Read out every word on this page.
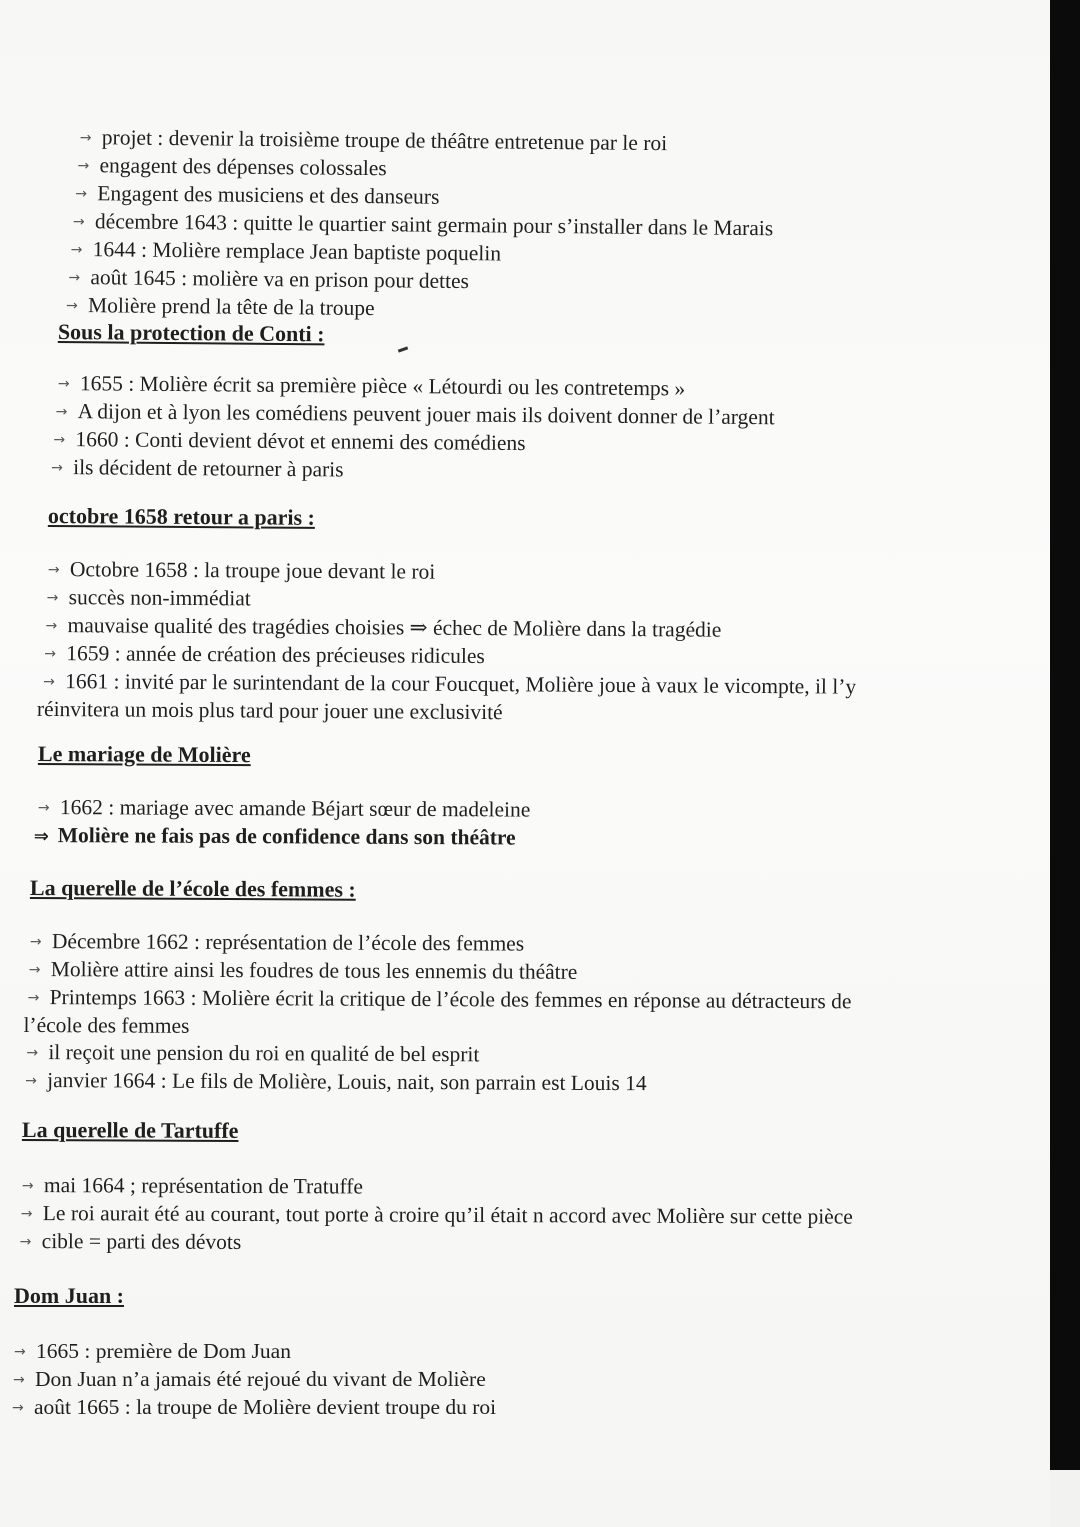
→ projet : devenir la troisième troupe de théâtre entretenue par le roi
→ engagent des dépenses colossales
→ Engagent des musiciens et des danseurs
→ décembre 1643 : quitte le quartier saint germain pour s’installer dans le Marais
→ 1644 : Molière remplace Jean baptiste poquelin
→ août 1645 : molière va en prison pour dettes
→ Molière prend la tête de la troupe
Sous la protection de Conti :
→ 1655 : Molière écrit sa première pièce « Létourdi ou les contretemps »
→ A dijon et à lyon les comédiens peuvent jouer mais ils doivent donner de l’argent
→ 1660 : Conti devient dévot et ennemi des comédiens
→ ils décident de retourner à paris
octobre 1658 retour a paris :
→ Octobre 1658 : la troupe joue devant le roi
→ succès non-immédiat
→ mauvaise qualité des tragédies choisies ⇒ échec de Molière dans la tragédie
→ 1659 : année de création des précieuses ridicules
→ 1661 : invité par le surintendant de la cour Foucquet, Molière joue à vaux le vicompte, il l’y
réinvitera un mois plus tard pour jouer une exclusivité
Le mariage de Molière
→ 1662 : mariage avec amande Béjart sœur de madeleine
⇒ Molière ne fais pas de confidence dans son théâtre
La querelle de l’école des femmes :
→ Décembre 1662 : représentation de l’école des femmes
→ Molière attire ainsi les foudres de tous les ennemis du théâtre
→ Printemps 1663 : Molière écrit la critique de l’école des femmes en réponse au détracteurs de
l’école des femmes
→ il reçoit une pension du roi en qualité de bel esprit
→ janvier 1664 : Le fils de Molière, Louis, nait, son parrain est Louis 14
La querelle de Tartuffe
→ mai 1664 ; représentation de Tratuffe
→ Le roi aurait été au courant, tout porte à croire qu’il était n accord avec Molière sur cette pièce
→ cible = parti des dévots
Dom Juan :
→ 1665 : première de Dom Juan
→ Don Juan n’a jamais été rejoué du vivant de Molière
→ août 1665 : la troupe de Molière devient troupe du roi
